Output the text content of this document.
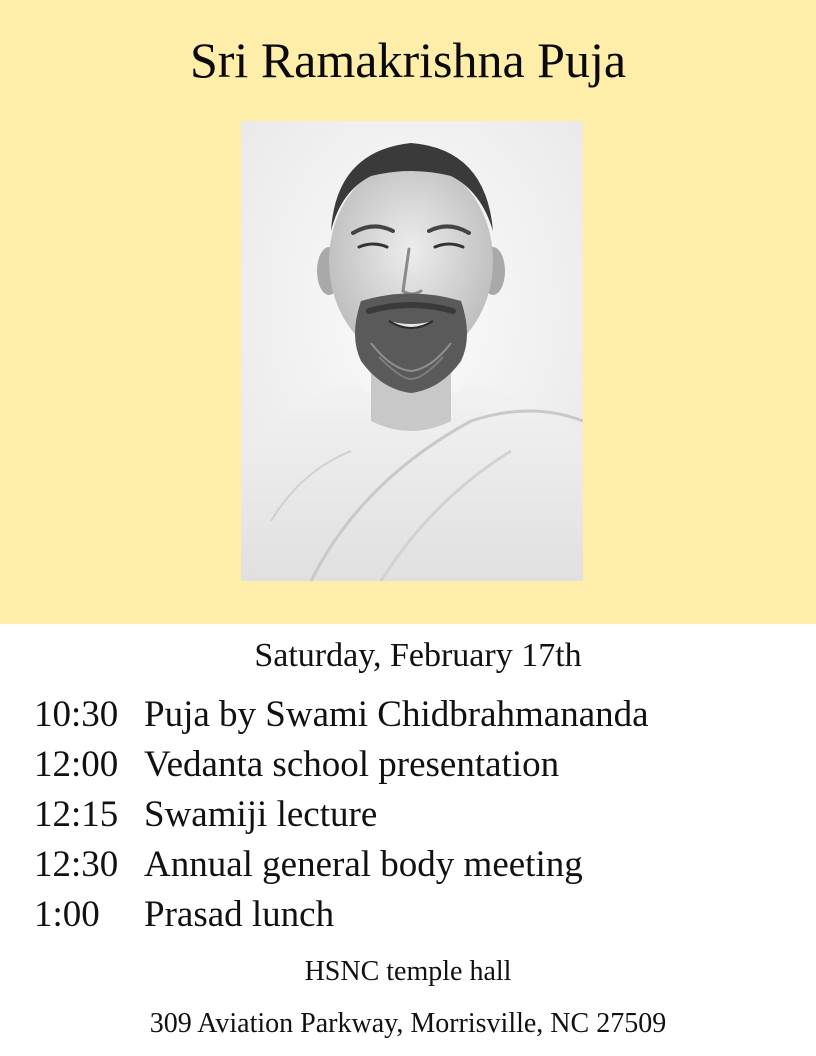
Sri Ramakrishna Puja
Saturday, February 17th
10:30 Puja by Swami Chidbrahmananda
12:00 Vedanta school presentation
12:15 Swamiji lecture
12:30 Annual general body meeting
1:00 Prasad lunch
HSNC temple hall
309 Aviation Parkway, Morrisville, NC 27509
